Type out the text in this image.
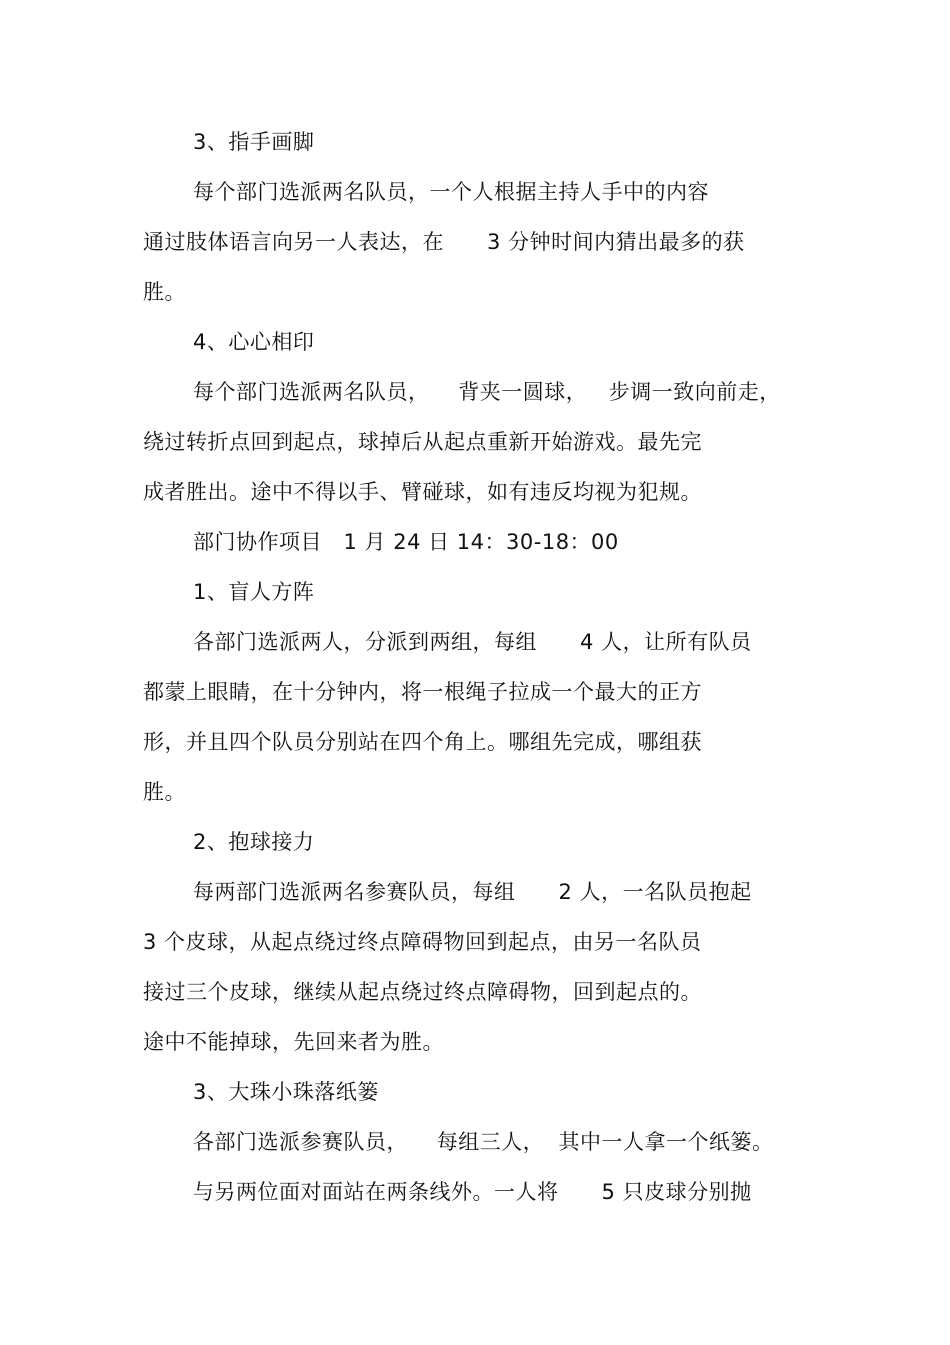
3、指手画脚
每个部门选派两名队员，一个人根据主持人手中的内容
通过肢体语言向另一人表达，在      3 分钟时间内猜出最多的获
胜。
4、心心相印
每个部门选派两名队员，    背夹一圆球，   步调一致向前走，
绕过转折点回到起点，球掉后从起点重新开始游戏。最先完
成者胜出。途中不得以手、臂碰球，如有违反均视为犯规。
部门协作项目   1 月 24 日 14：30-18：00
1、盲人方阵
各部门选派两人，分派到两组，每组      4 人，让所有队员
都蒙上眼睛，在十分钟内，将一根绳子拉成一个最大的正方
形，并且四个队员分别站在四个角上。哪组先完成，哪组获
胜。
2、抱球接力
每两部门选派两名参赛队员，每组      2 人，一名队员抱起
3 个皮球，从起点绕过终点障碍物回到起点，由另一名队员
接过三个皮球，继续从起点绕过终点障碍物，回到起点的。
途中不能掉球，先回来者为胜。
3、大珠小珠落纸篓
各部门选派参赛队员，    每组三人，  其中一人拿一个纸篓。
与另两位面对面站在两条线外。一人将      5 只皮球分别抛
